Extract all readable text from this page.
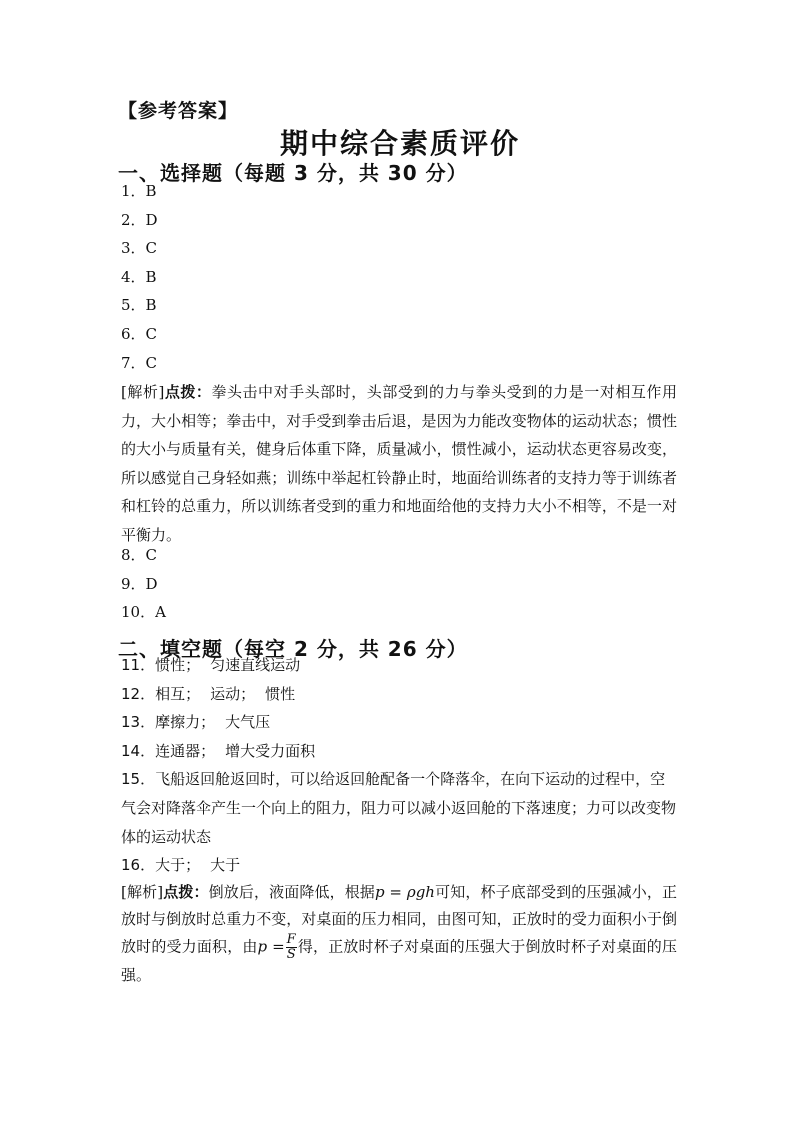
【参考答案】
期中综合素质评价
一、选择题（每题 3 分，共 30 分）
1．B
2．D
3．C
4．B
5．B
6．C
7．C
[解析]点拨：拳头击中对手头部时，头部受到的力与拳头受到的力是一对相互作用力，大小相等；拳击中，对手受到拳击后退，是因为力能改变物体的运动状态；惯性的大小与质量有关，健身后体重下降，质量减小，惯性减小，运动状态更容易改变，所以感觉自己身轻如燕；训练中举起杠铃静止时，地面给训练者的支持力等于训练者和杠铃的总重力，所以训练者受到的重力和地面给他的支持力大小不相等，不是一对平衡力。
8．C
9．D
10．A
二、填空题（每空 2 分，共 26 分）
11．惯性； 匀速直线运动
12．相互； 运动； 惯性
13．摩擦力； 大气压
14．连通器； 增大受力面积
15．飞船返回舱返回时，可以给返回舱配备一个降落伞，在向下运动的过程中，空气会对降落伞产生一个向上的阻力，阻力可以减小返回舱的下落速度；力可以改变物体的运动状态
16．大于； 大于
[解析]点拨：倒放后，液面降低，根据p = ρgh可知，杯子底部受到的压强减小，正放时与倒放时总重力不变，对桌面的压力相同，由图可知，正放时的受力面积小于倒放时的受力面积，由$p = \frac{F}{S}$ 得，正放时杯子对桌面的压强大于倒放时杯子对桌面的压强。
